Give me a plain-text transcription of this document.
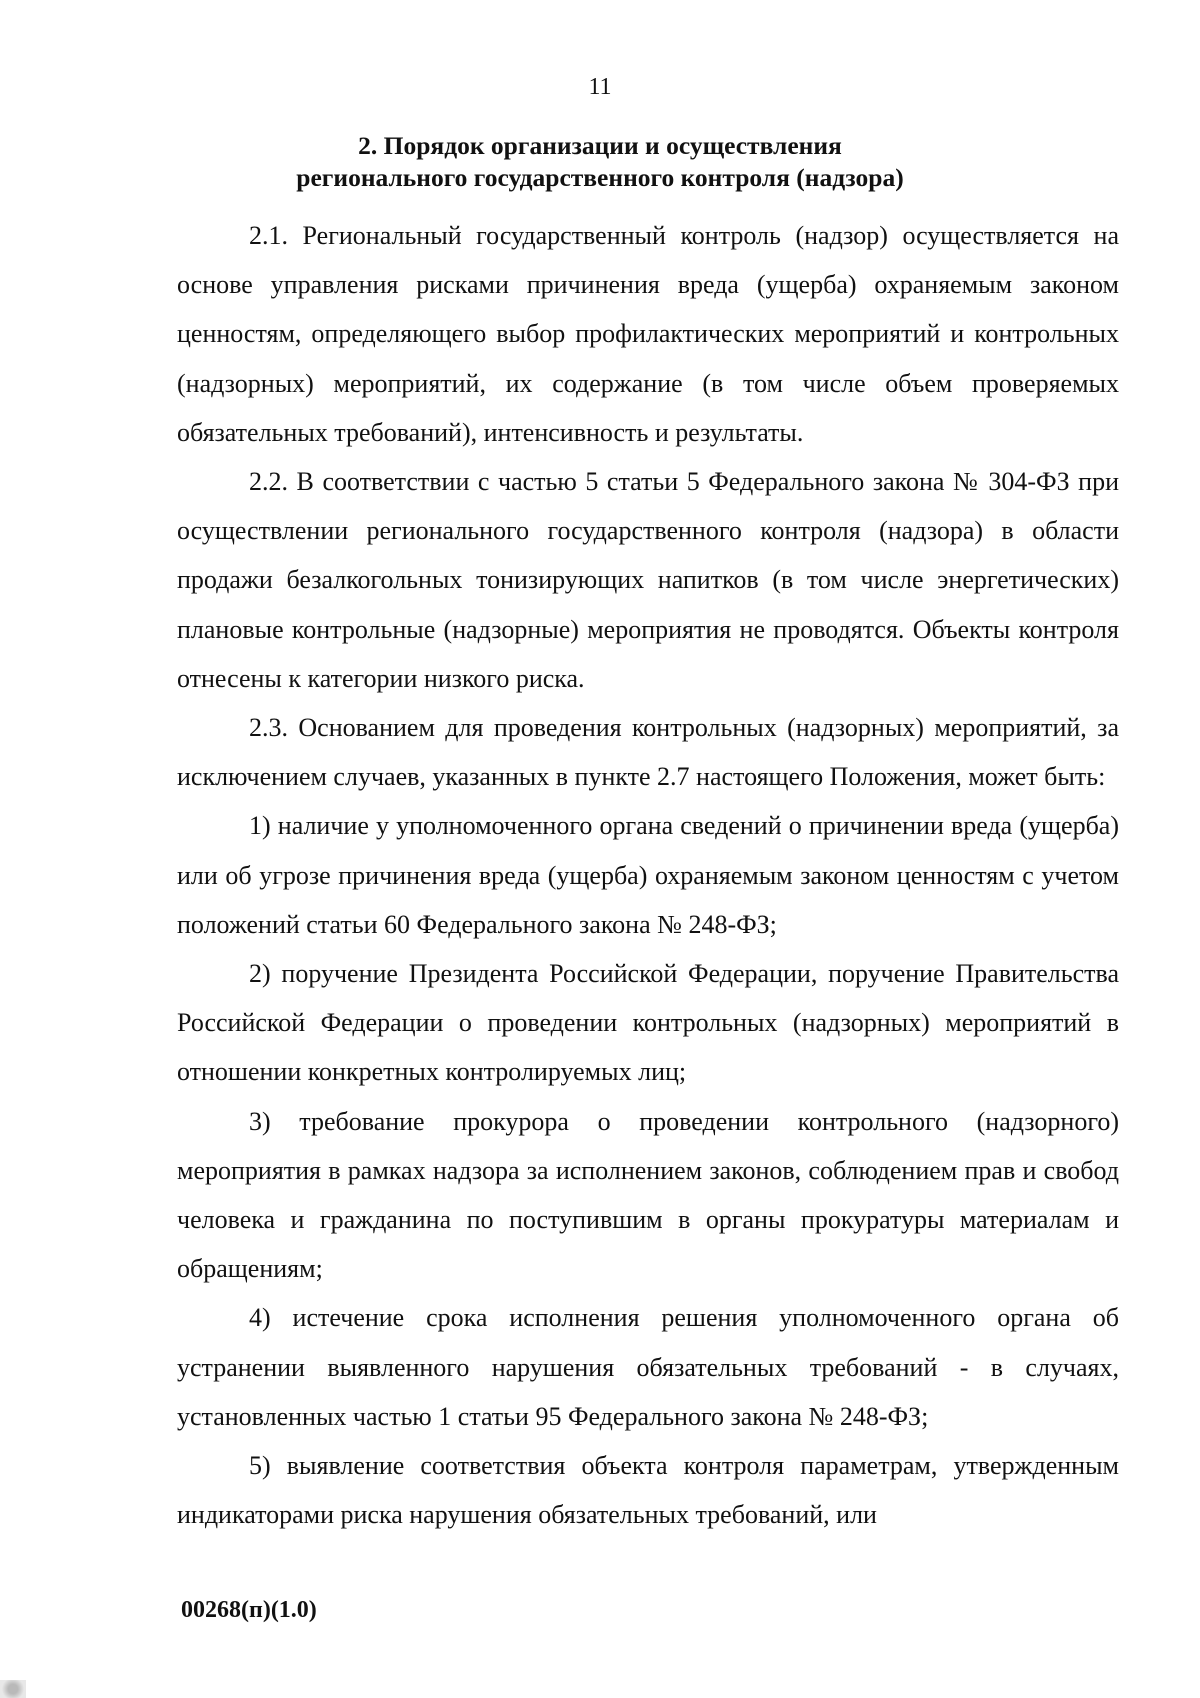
11
2. Порядок организации и осуществления
регионального государственного контроля (надзора)

2.1. Региональный государственный контроль (надзор) осуществляется на основе управления рисками причинения вреда (ущерба) охраняемым законом ценностям, определяющего выбор профилактических мероприятий и контрольных (надзорных) мероприятий, их содержание (в том числе объем проверяемых обязательных требований), интенсивность и результаты.

2.2. В соответствии с частью 5 статьи 5 Федерального закона № 304-ФЗ при осуществлении регионального государственного контроля (надзора) в области продажи безалкогольных тонизирующих напитков (в том числе энергетических) плановые контрольные (надзорные) мероприятия не проводятся. Объекты контроля отнесены к категории низкого риска.

2.3. Основанием для проведения контрольных (надзорных) мероприятий, за исключением случаев, указанных в пункте 2.7 настоящего Положения, может быть:

1) наличие у уполномоченного органа сведений о причинении вреда (ущерба) или об угрозе причинения вреда (ущерба) охраняемым законом ценностям с учетом положений статьи 60 Федерального закона № 248-ФЗ;

2) поручение Президента Российской Федерации, поручение Правительства Российской Федерации о проведении контрольных (надзорных) мероприятий в отношении конкретных контролируемых лиц;

3) требование прокурора о проведении контрольного (надзорного) мероприятия в рамках надзора за исполнением законов, соблюдением прав и свобод человека и гражданина по поступившим в органы прокуратуры материалам и обращениям;

4) истечение срока исполнения решения уполномоченного органа об устранении выявленного нарушения обязательных требований - в случаях, установленных частью 1 статьи 95 Федерального закона № 248-ФЗ;

5) выявление соответствия объекта контроля параметрам, утвержденным индикаторами риска нарушения обязательных требований, или

00268(п)(1.0)
